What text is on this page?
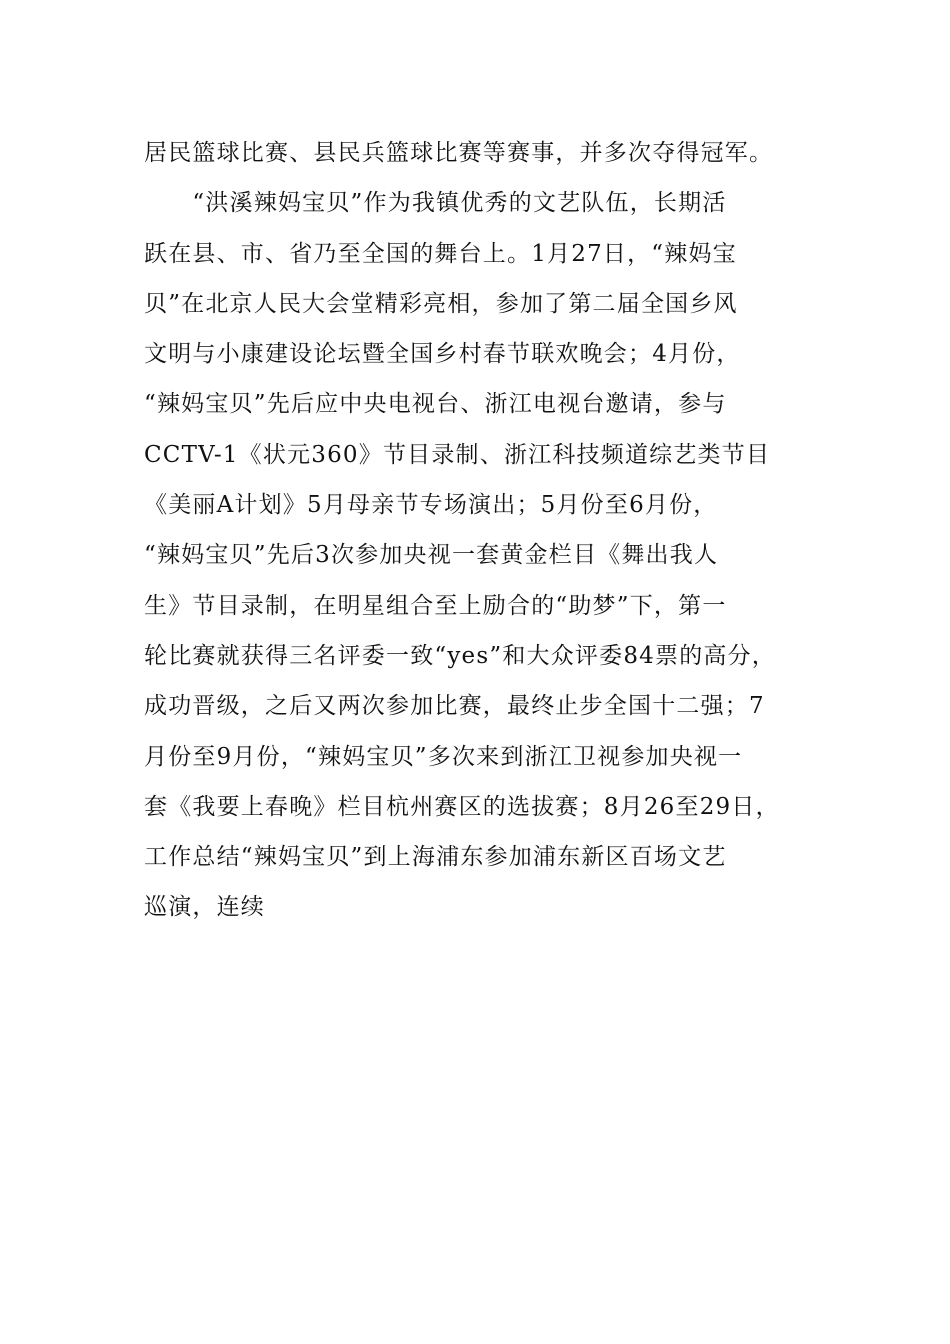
居民篮球比赛、县民兵篮球比赛等赛事，并多次夺得冠军。
　　“洪溪辣妈宝贝”作为我镇优秀的文艺队伍，长期活
跃在县、市、省乃至全国的舞台上。1月27日，“辣妈宝
贝”在北京人民大会堂精彩亮相，参加了第二届全国乡风
文明与小康建设论坛暨全国乡村春节联欢晚会；4月份，
“辣妈宝贝”先后应中央电视台、浙江电视台邀请，参与
CCTV-1《状元360》节目录制、浙江科技频道综艺类节目
《美丽A计划》5月母亲节专场演出；5月份至6月份，
“辣妈宝贝”先后3次参加央视一套黄金栏目《舞出我人
生》节目录制，在明星组合至上励合的“助梦”下，第一
轮比赛就获得三名评委一致“yes”和大众评委84票的高分，
成功晋级，之后又两次参加比赛，最终止步全国十二强；7
月份至9月份，“辣妈宝贝”多次来到浙江卫视参加央视一
套《我要上春晚》栏目杭州赛区的选拔赛；8月26至29日，
工作总结“辣妈宝贝”到上海浦东参加浦东新区百场文艺
巡演，连续
